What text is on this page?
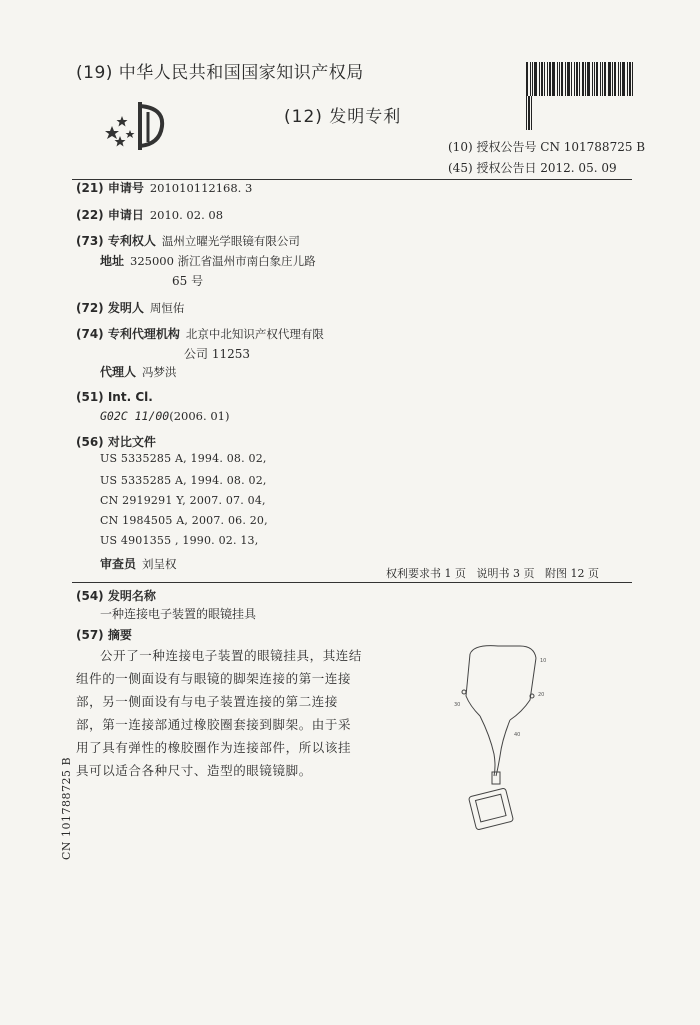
(19) 中华人民共和国国家知识产权局
(12) 发明专利
(10) 授权公告号 CN 101788725 B
(45) 授权公告日 2012. 05. 09
(21) 申请号 201010112168. 3
(22) 申请日 2010. 02. 08
(73) 专利权人 温州立曜光学眼镜有限公司
地址 325000 浙江省温州市南白象庄儿路
65 号
(72) 发明人 周恒佑
(74) 专利代理机构 北京中北知识产权代理有限
公司 11253
代理人 冯梦洪
(51) Int. Cl.
G02C 11/00(2006. 01)
(56) 对比文件
US 5335285 A, 1994. 08. 02,
US 5335285 A, 1994. 08. 02,
CN 2919291 Y, 2007. 07. 04,
CN 1984505 A, 2007. 06. 20,
US 4901355 , 1990. 02. 13,
审查员 刘呈权
权利要求书 1 页   说明书 3 页   附图 12 页
(54) 发明名称
一种连接电子装置的眼镜挂具
(57) 摘要
公开了一种连接电子装置的眼镜挂具，其连结组件的一侧面设有与眼镜的脚架连接的第一连接部，另一侧面设有与电子装置连接的第二连接部，第一连接部通过橡胶圈套接到脚架。由于采用了具有弹性的橡胶圈作为连接部件，所以该挂具可以适合各种尺寸、造型的眼镜镜脚。
10
20
30
40
CN 101788725 B
